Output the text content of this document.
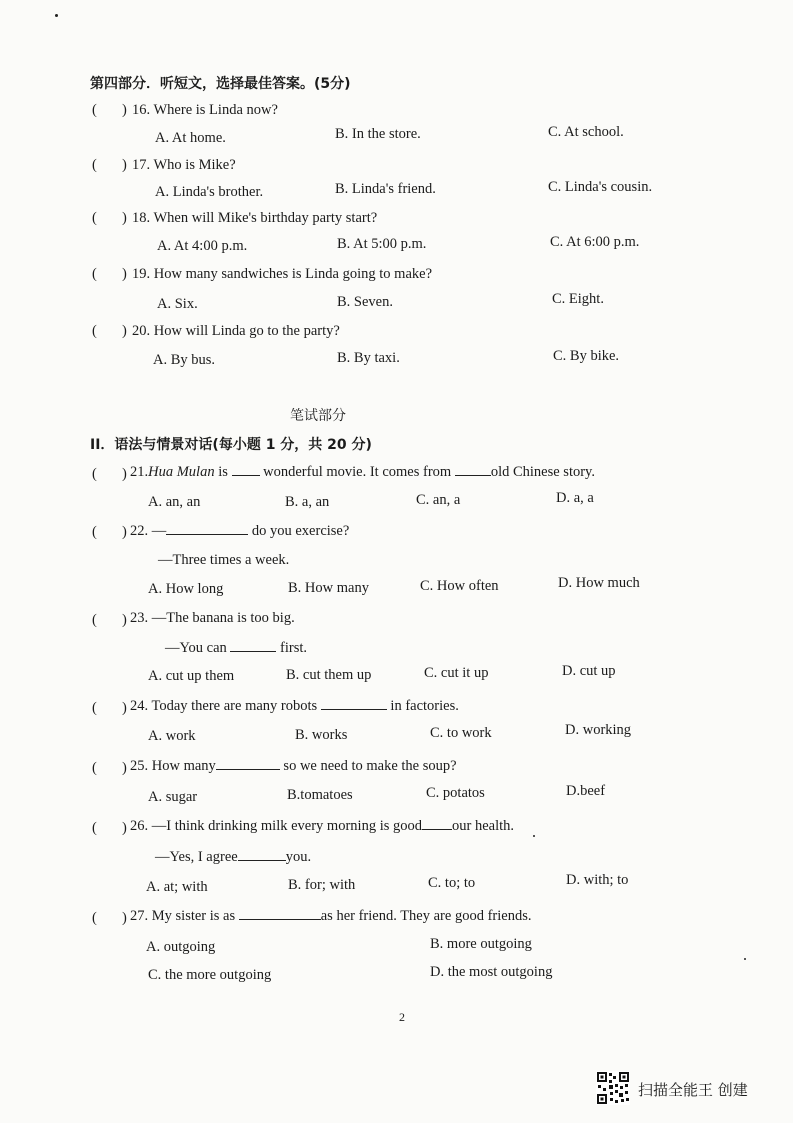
第四部分．听短文，选择最佳答案。(5分)
( ) 16. Where is Linda now?
A. At home.	B. In the store.	C. At school.
( ) 17. Who is Mike?
A. Linda's brother.	B. Linda's friend.	C. Linda's cousin.
( ) 18. When will Mike's birthday party start?
A. At 4:00 p.m.	B. At 5:00 p.m.	C. At 6:00 p.m.
( ) 19. How many sandwiches is Linda going to make?
A. Six.	B. Seven.	C. Eight.
( ) 20. How will Linda go to the party?
A. By bus.	B. By taxi.	C. By bike.
笔试部分
II．语法与情景对话(每小题 1 分，共 20 分)
( ) 21.Hua Mulan is  wonderful movie. It comes from old Chinese story.
A. an, an	B. a, an	C. an, a	D. a, a
( ) 22. —	do you exercise?
—Three times a week.
A. How long	B. How many	C. How often	D. How much
( ) 23. —The banana is too big.
—You can	first.
A. cut up them	B. cut them up	C. cut it up	D. cut up
( ) 24. Today there are many robots	in factories.
A. work	B. works	C. to work	D. working
( ) 25. How many	so we need to make the soup?
A. sugar	B.tomatoes	C. potatos	D.beef
( ) 26. —I think drinking milk every morning is good our health.
—Yes, I agree	you.
A. at; with	B. for; with	C. to; to	D. with; to
( ) 27. My sister is as	as her friend. They are good friends.
A. outgoing	B. more outgoing
C. the more outgoing	D. the most outgoing
2
扫描全能王 创建
